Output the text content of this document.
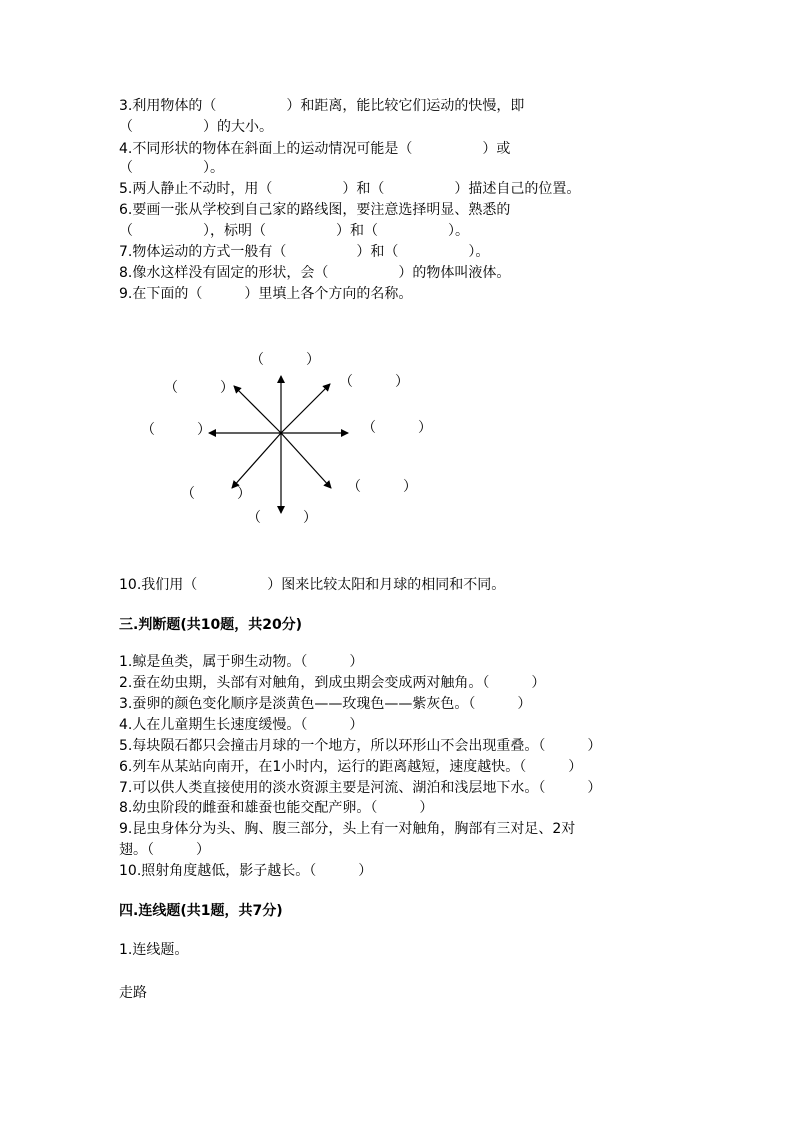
3.利用物体的（　　　　　）和距离，能比较它们运动的快慢，即
（　　　　　）的大小。
4.不同形状的物体在斜面上的运动情况可能是（　　　　　）或
（　　　　　）。
5.两人静止不动时，用（　　　　　）和（　　　　　）描述自己的位置。
6.要画一张从学校到自己家的路线图，要注意选择明显、熟悉的
（　　　　　），标明（　　　　　）和（　　　　　）。
7.物体运动的方式一般有（　　　　　）和（　　　　　）。
8.像水这样没有固定的形状，会（　　　　　）的物体叫液体。
9.在下面的（　　　）里填上各个方向的名称。
（　　　）
（　　　）
（　　　）
（　　　）
（　　　）
（　　　）
（　　　）
（　　　）
10.我们用（　　　　　）图来比较太阳和月球的相同和不同。
三.判断题(共10题，共20分)
1.鲸是鱼类，属于卵生动物。（　　　）
2.蚕在幼虫期，头部有对触角，到成虫期会变成两对触角。（　　　）
3.蚕卵的颜色变化顺序是淡黄色——玫瑰色——紫灰色。（　　　）
4.人在儿童期生长速度缓慢。（　　　）
5.每块陨石都只会撞击月球的一个地方，所以环形山不会出现重叠。（　　　）
6.列车从某站向南开，在1小时内，运行的距离越短，速度越快。（　　　）
7.可以供人类直接使用的淡水资源主要是河流、湖泊和浅层地下水。（　　　）
8.幼虫阶段的雌蚕和雄蚕也能交配产卵。（　　　）
9.昆虫身体分为头、胸、腹三部分，头上有一对触角，胸部有三对足、2对
翅。（　　　）
10.照射角度越低，影子越长。（　　　）
四.连线题(共1题，共7分)
1.连线题。
走路
